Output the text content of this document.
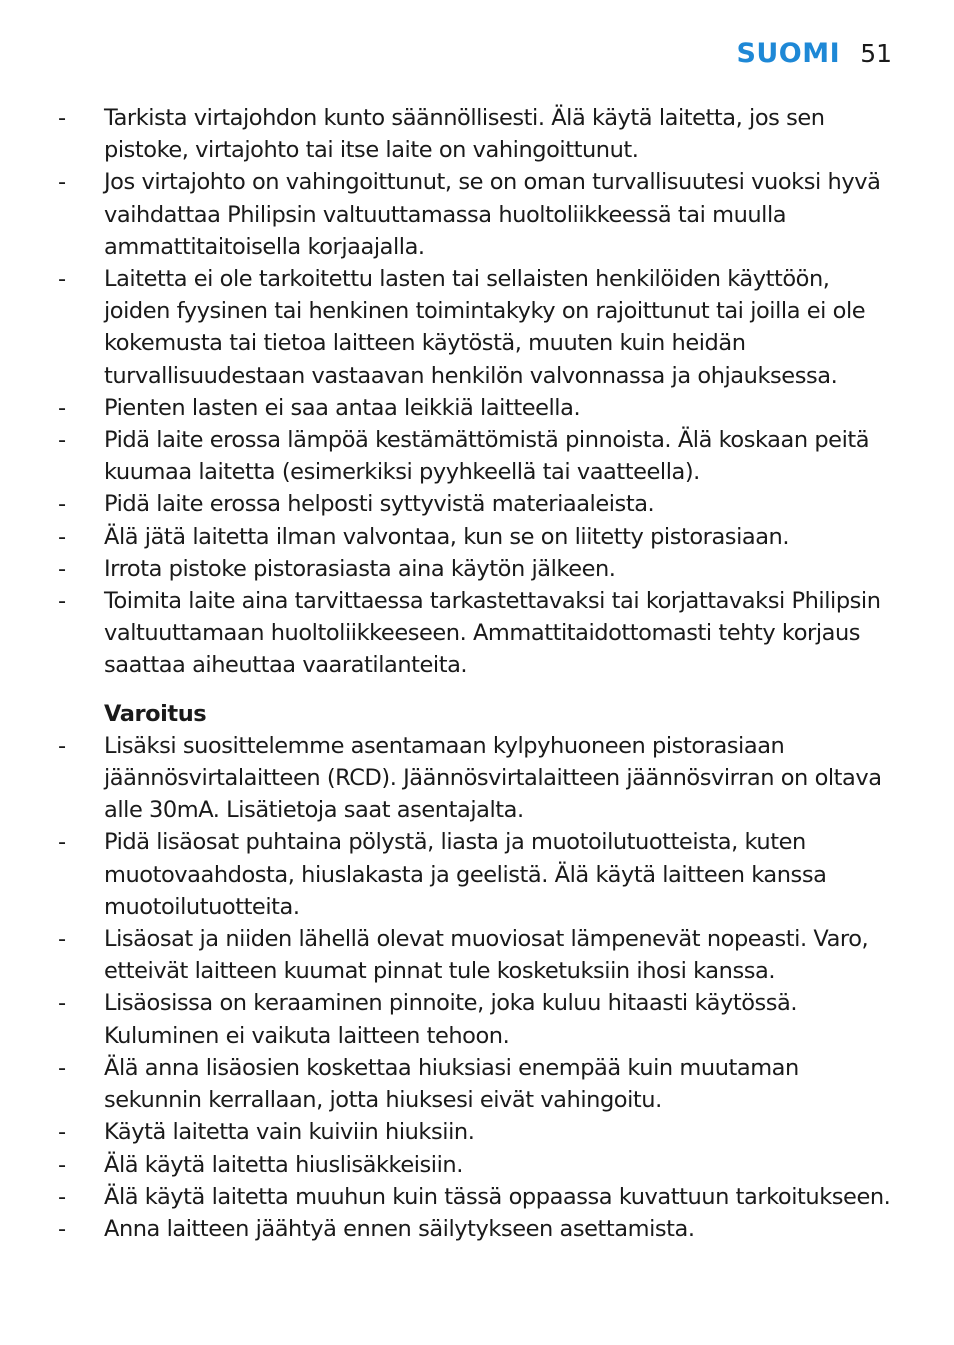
SUOMI 51
- Tarkista virtajohdon kunto säännöllisesti. Älä käytä laitetta, jos sen pistoke, virtajohto tai itse laite on vahingoittunut.
- Jos virtajohto on vahingoittunut, se on oman turvallisuutesi vuoksi hyvä vaihdattaa Philipsin valtuuttamassa huoltoliikkeessä tai muulla ammattitaitoisella korjaajalla.
- Laitetta ei ole tarkoitettu lasten tai sellaisten henkilöiden käyttöön, joiden fyysinen tai henkinen toimintakyky on rajoittunut tai joilla ei ole kokemusta tai tietoa laitteen käytöstä, muuten kuin heidän turvallisuudestaan vastaavan henkilön valvonnassa ja ohjauksessa.
- Pienten lasten ei saa antaa leikkiä laitteella.
- Pidä laite erossa lämpöä kestämättömistä pinnoista. Älä koskaan peitä kuumaa laitetta (esimerkiksi pyyhkeellä tai vaatteella).
- Pidä laite erossa helposti syttyvistä materiaaleista.
- Älä jätä laitetta ilman valvontaa, kun se on liitetty pistorasiaan.
- Irrota pistoke pistorasiasta aina käytön jälkeen.
- Toimita laite aina tarvittaessa tarkastettavaksi tai korjattavaksi Philipsin valtuuttamaan huoltoliikkeeseen. Ammattitaidottomasti tehty korjaus saattaa aiheuttaa vaaratilanteita.
Varoitus
- Lisäksi suosittelemme asentamaan kylpyhuoneen pistorasiaan jäännösvirtalaitteen (RCD). Jäännösvirtalaitteen jäännösvirran on oltava alle 30mA. Lisätietoja saat asentajalta.
- Pidä lisäosat puhtaina pölystä, liasta ja muotoilutuotteista, kuten muotovaahdosta, hiuslakasta ja geelistä. Älä käytä laitteen kanssa muotoilutuotteita.
- Lisäosat ja niiden lähellä olevat muoviosat lämpenevät nopeasti. Varo, etteivät laitteen kuumat pinnat tule kosketuksiin ihosi kanssa.
- Lisäosissa on keraaminen pinnoite, joka kuluu hitaasti käytössä. Kuluminen ei vaikuta laitteen tehoon.
- Älä anna lisäosien koskettaa hiuksiasi enempää kuin muutaman sekunnin kerrallaan, jotta hiuksesi eivät vahingoitu.
- Käytä laitetta vain kuiviin hiuksiin.
- Älä käytä laitetta hiuslisäkkeisiin.
- Älä käytä laitetta muuhun kuin tässä oppaassa kuvattuun tarkoitukseen.
- Anna laitteen jäähtyä ennen säilytykseen asettamista.
